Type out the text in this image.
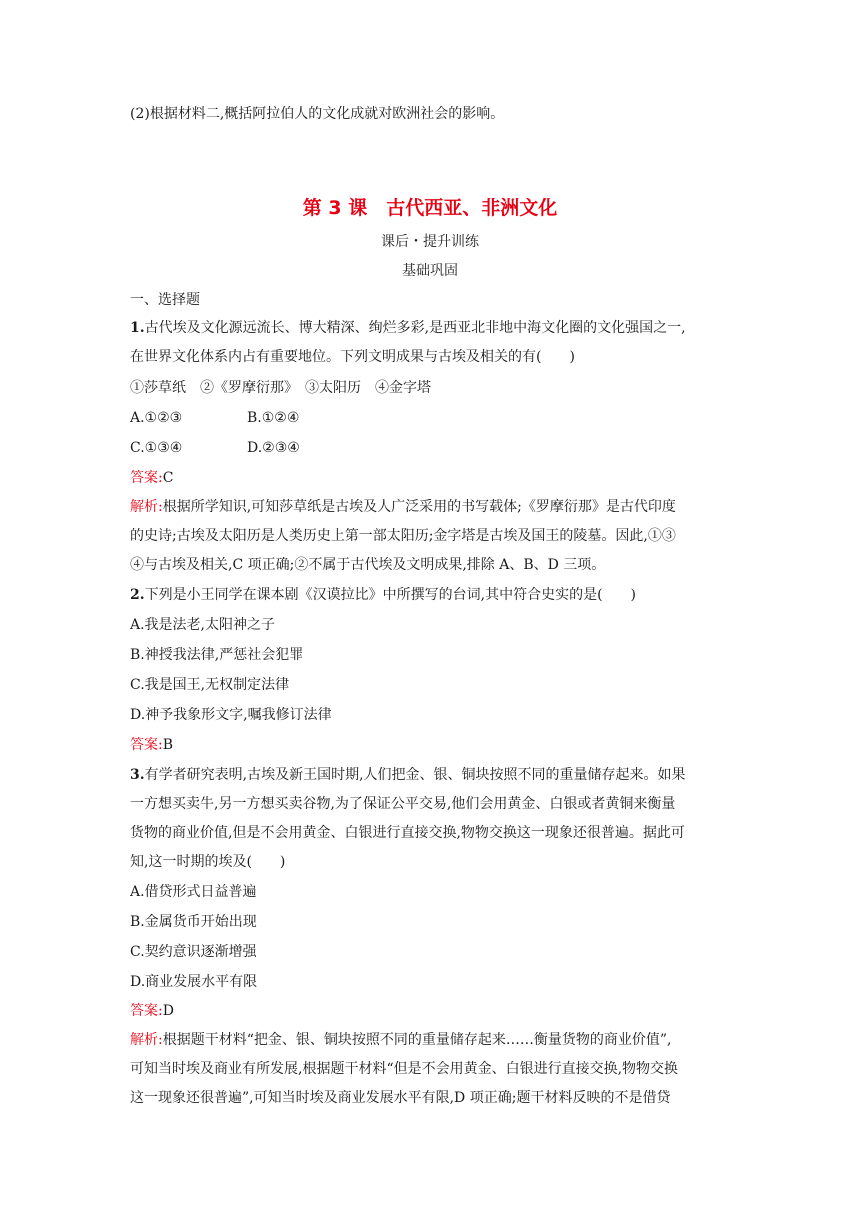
(2)根据材料二,概括阿拉伯人的文化成就对欧洲社会的影响。
第 3 课　古代西亚、非洲文化
课后・提升训练
基础巩固
一、选择题
1.古代埃及文化源远流长、博大精深、绚烂多彩,是西亚北非地中海文化圈的文化强国之一,
在世界文化体系内占有重要地位。下列文明成果与古埃及相关的有(　　)
①莎草纸　②《罗摩衍那》　③太阳历　④金字塔
A.①②③	B.①②④
C.①③④	D.②③④
答案:C
解析:根据所学知识,可知莎草纸是古埃及人广泛采用的书写载体;《罗摩衍那》是古代印度
的史诗;古埃及太阳历是人类历史上第一部太阳历;金字塔是古埃及国王的陵墓。因此,①③
④与古埃及相关,C 项正确;②不属于古代埃及文明成果,排除 A、B、D 三项。
2.下列是小王同学在课本剧《汉谟拉比》中所撰写的台词,其中符合史实的是(　　)
A.我是法老,太阳神之子
B.神授我法律,严惩社会犯罪
C.我是国王,无权制定法律
D.神予我象形文字,嘱我修订法律
答案:B
3.有学者研究表明,古埃及新王国时期,人们把金、银、铜块按照不同的重量储存起来。如果
一方想买卖牛,另一方想买卖谷物,为了保证公平交易,他们会用黄金、白银或者黄铜来衡量
货物的商业价值,但是不会用黄金、白银进行直接交换,物物交换这一现象还很普遍。据此可
知,这一时期的埃及(　　)
A.借贷形式日益普遍
B.金属货币开始出现
C.契约意识逐渐增强
D.商业发展水平有限
答案:D
解析:根据题干材料“把金、银、铜块按照不同的重量储存起来……衡量货物的商业价值”,
可知当时埃及商业有所发展,根据题干材料“但是不会用黄金、白银进行直接交换,物物交换
这一现象还很普遍”,可知当时埃及商业发展水平有限,D 项正确;题干材料反映的不是借贷
